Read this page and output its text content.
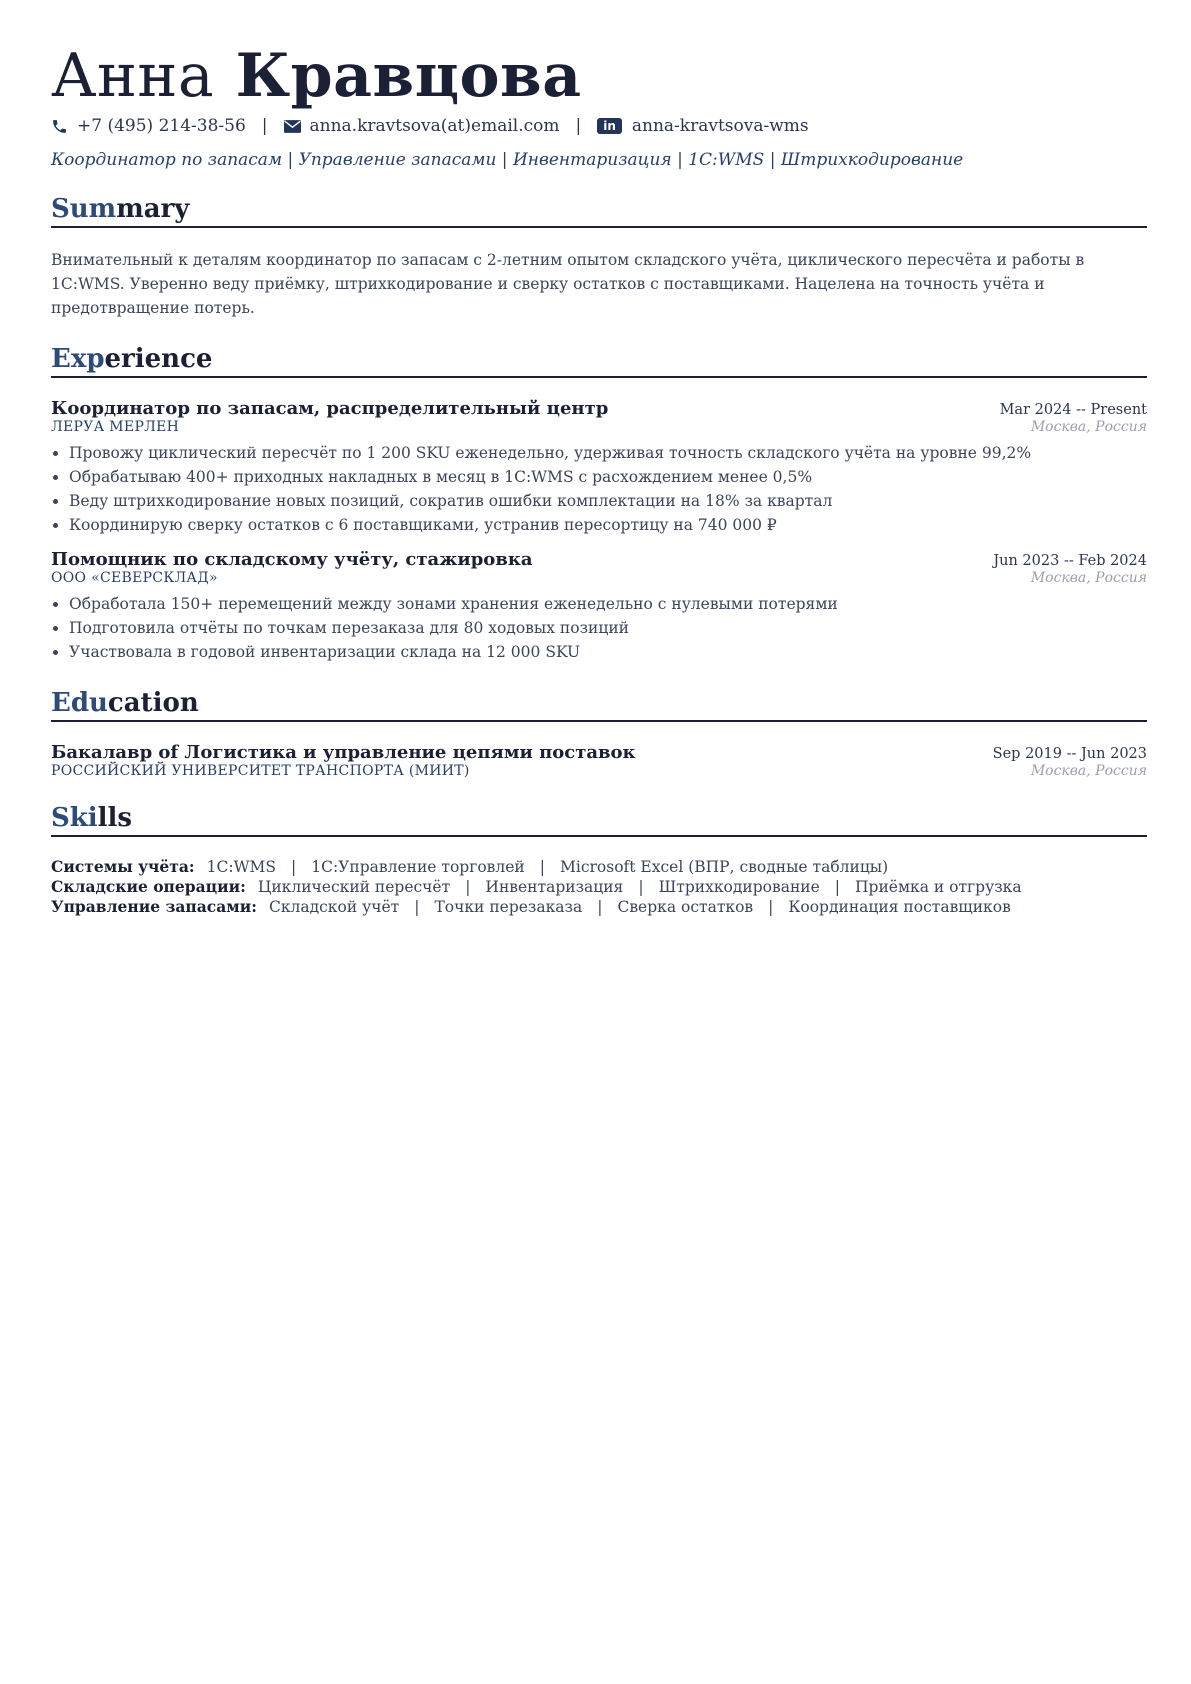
Анна Кравцова
+7 (495) 214-38-56 | anna.kravtsova(at)email.com |	in anna-kravtsova-wms
Координатор по запасам | Управление запасами | Инвентаризация | 1C:WMS | Штрихкодирование
Summary
Внимательный к деталям координатор по запасам с 2-летним опытом складского учёта, циклического пересчёта и работы в 1С:WMS. Уверенно веду приёмку, штрихкодирование и сверку остатков с поставщиками. Нацелена на точность учёта и предотвращение потерь.
Experience
Координатор по запасам, распределительный центр	Mar 2024 -- Present
ЛЕРУА МЕРЛЕН	Москва, Россия
• Провожу циклический пересчёт по 1 200 SKU еженедельно, удерживая точность складского учёта на уровне 99,2%
• Обрабатываю 400+ приходных накладных в месяц в 1С:WMS с расхождением менее 0,5%
• Веду штрихкодирование новых позиций, сократив ошибки комплектации на 18% за квартал
• Координирую сверку остатков с 6 поставщиками, устранив пересортицу на 740 000 ₽
Помощник по складскому учёту, стажировка	Jun 2023 -- Feb 2024
ООО «СЕВЕРСКЛАД»	Москва, Россия
• Обработала 150+ перемещений между зонами хранения еженедельно с нулевыми потерями
• Подготовила отчёты по точкам перезаказа для 80 ходовых позиций
• Участвовала в годовой инвентаризации склада на 12 000 SKU
Education
Бакалавр of Логистика и управление цепями поставок	Sep 2019 -- Jun 2023
РОССИЙСКИЙ УНИВЕРСИТЕТ ТРАНСПОРТА (МИИТ)	Москва, Россия
Skills
Системы учёта: 1С:WMS | 1С:Управление торговлей | Microsoft Excel (ВПР, сводные таблицы)
Складские операции: Циклический пересчёт | Инвентаризация | Штрихкодирование | Приёмка и отгрузка
Управление запасами: Складской учёт | Точки перезаказа | Сверка остатков | Координация поставщиков
